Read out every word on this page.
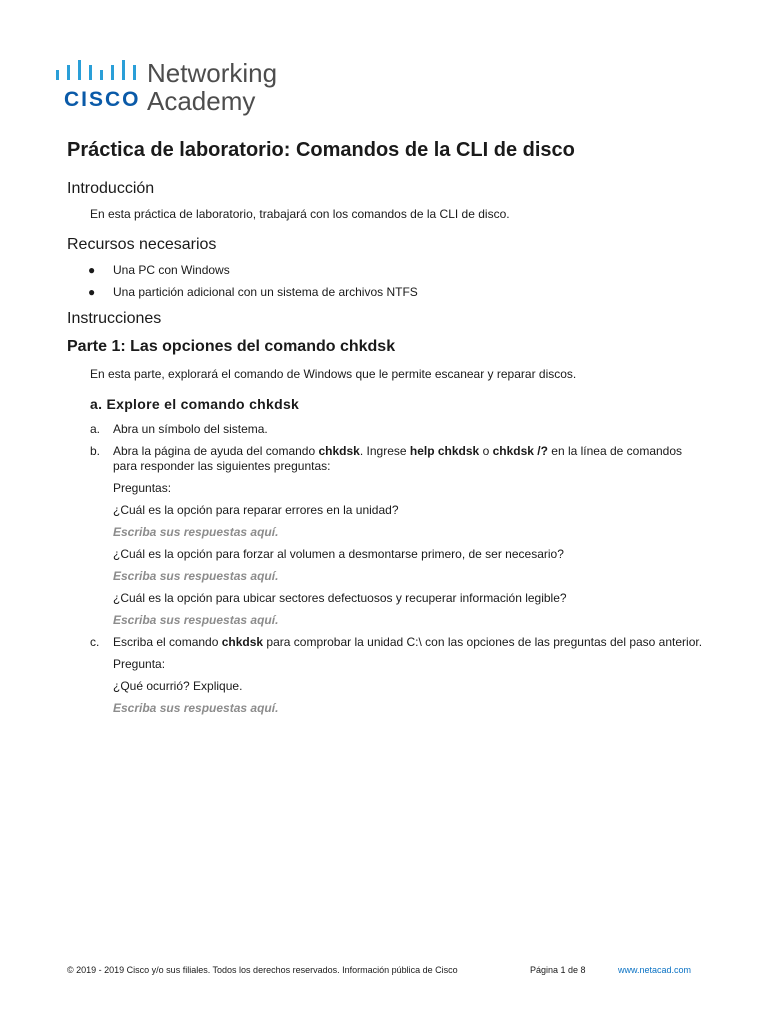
CISCO
Networking
Academy
Práctica de laboratorio: Comandos de la CLI de disco
Introducción

En esta práctica de laboratorio, trabajará con los comandos de la CLI de disco.

Recursos necesarios
● Una PC con Windows
● Una partición adicional con un sistema de archivos NTFS
Instrucciones
Parte 1: Las opciones del comando chkdsk

En esta parte, explorará el comando de Windows que le permite escanear y reparar discos.

a. Explore el comando chkdsk
a. Abra un símbolo del sistema.

b. Abra la página de ayuda del comando chkdsk. Ingrese help chkdsk o chkdsk /? en la línea de comandos para responder las siguientes preguntas:

Preguntas:

¿Cuál es la opción para reparar errores en la unidad?

Escriba sus respuestas aquí.

¿Cuál es la opción para forzar al volumen a desmontarse primero, de ser necesario?

Escriba sus respuestas aquí.

¿Cuál es la opción para ubicar sectores defectuosos y recuperar información legible?

Escriba sus respuestas aquí.

c. Escriba el comando chkdsk para comprobar la unidad C:\ con las opciones de las preguntas del paso anterior.

Pregunta:

¿Qué ocurrió? Explique.

Escriba sus respuestas aquí.

© 2019 - 2019 Cisco y/o sus filiales. Todos los derechos reservados. Información pública de Cisco	Página 1 de 8	www.netacad.com
